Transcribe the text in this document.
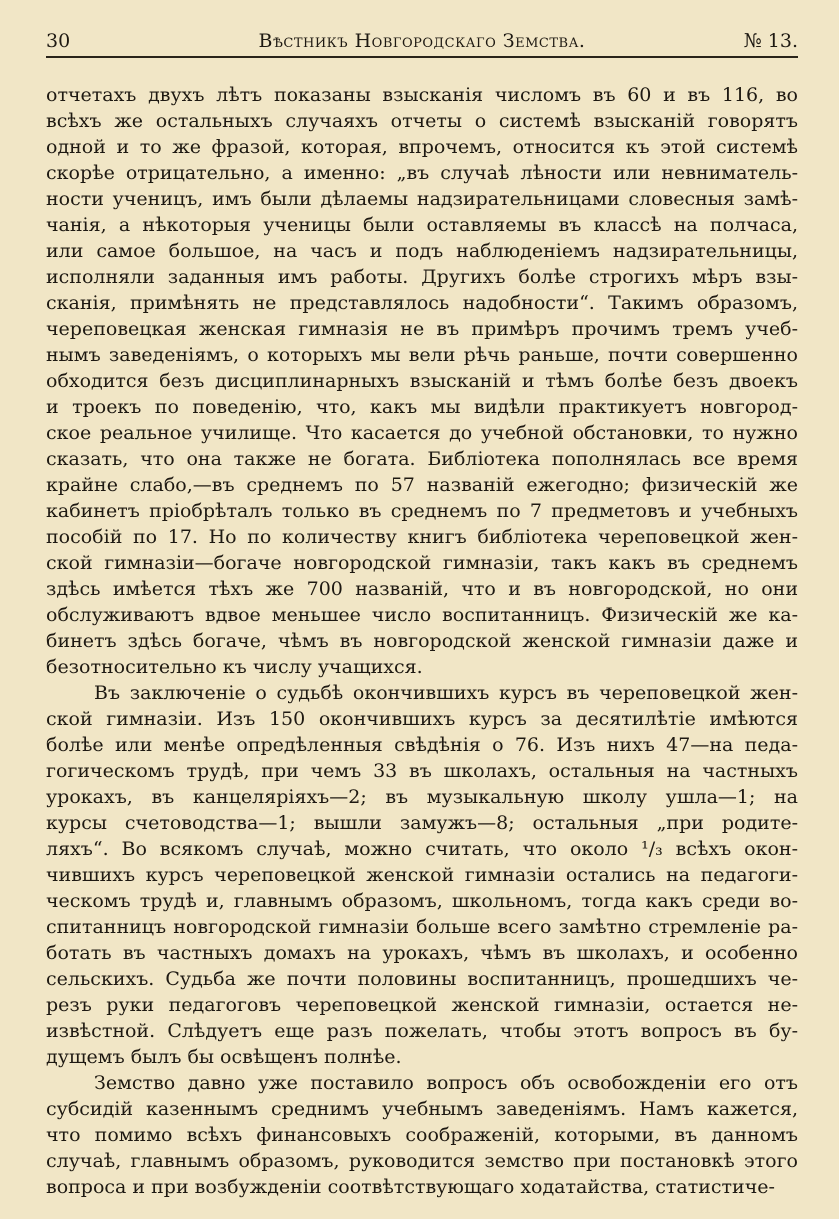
30	Вѣстникъ Новгородскаго Земства.	№ 13.
отчетахъ двухъ лѣтъ показаны взысканія числомъ въ 60 и въ 116, во
всѣхъ же остальныхъ случаяхъ отчеты о системѣ взысканій говорятъ
одной и то же фразой, которая, впрочемъ, относится къ этой системѣ
скорѣе отрицательно, а именно: „въ случаѣ лѣности или невниматель-
ности ученицъ, имъ были дѣлаемы надзирательницами словесныя замѣ-
чанія, а нѣкоторыя ученицы были оставляемы въ классѣ на полчаса,
или самое большое, на часъ и подъ наблюденіемъ надзирательницы,
исполняли заданныя имъ работы. Другихъ болѣе строгихъ мѣръ взы-
сканія, примѣнять не представлялось надобности“. Такимъ образомъ,
череповецкая женская гимназія не въ примѣръ прочимъ тремъ учеб-
нымъ заведеніямъ, о которыхъ мы вели рѣчь раньше, почти совершенно
обходится безъ дисциплинарныхъ взысканій и тѣмъ болѣе безъ двоекъ
и троекъ по поведенію, что, какъ мы видѣли практикуетъ новгород-
ское реальное училище. Что касается до учебной обстановки, то нужно
сказать, что она также не богата. Библіотека пополнялась все время
крайне слабо,—въ среднемъ по 57 названій ежегодно; физическій же
кабинетъ пріобрѣталъ только въ среднемъ по 7 предметовъ и учебныхъ
пособій по 17. Но по количеству книгъ библіотека череповецкой жен-
ской гимназіи—богаче новгородской гимназіи, такъ какъ въ среднемъ
здѣсь имѣется тѣхъ же 700 названій, что и въ новгородской, но они
обслуживаютъ вдвое меньшее число воспитанницъ. Физическій же ка-
бинетъ здѣсь богаче, чѣмъ въ новгородской женской гимназіи даже и
безотносительно къ числу учащихся.
Въ заключеніе о судьбѣ окончившихъ курсъ въ череповецкой жен-
ской гимназіи. Изъ 150 окончившихъ курсъ за десятилѣтіе имѣются
болѣе или менѣе опредѣленныя свѣдѣнія о 76. Изъ нихъ 47—на педа-
гогическомъ трудѣ, при чемъ 33 въ школахъ, остальныя на частныхъ
урокахъ, въ канцеляріяхъ—2; въ музыкальную школу ушла—1; на
курсы счетоводства—1; вышли замужъ—8; остальныя „при родите-
ляхъ“. Во всякомъ случаѣ, можно считать, что около ¹/₃ всѣхъ окон-
чившихъ курсъ череповецкой женской гимназіи остались на педагоги-
ческомъ трудѣ и, главнымъ образомъ, школьномъ, тогда какъ среди во-
спитанницъ новгородской гимназіи больше всего замѣтно стремленіе ра-
ботать въ частныхъ домахъ на урокахъ, чѣмъ въ школахъ, и особенно
сельскихъ. Судьба же почти половины воспитанницъ, прошедшихъ че-
резъ руки педагоговъ череповецкой женской гимназіи, остается не-
извѣстной. Слѣдуетъ еще разъ пожелать, чтобы этотъ вопросъ въ бу-
дущемъ былъ бы освѣщенъ полнѣе.
Земство давно уже поставило вопросъ объ освобожденіи его отъ
субсидій казеннымъ среднимъ учебнымъ заведеніямъ. Намъ кажется,
что помимо всѣхъ финансовыхъ соображеній, которыми, въ данномъ
случаѣ, главнымъ образомъ, руководится земство при постановкѣ этого
вопроса и при возбужденіи соотвѣтствующаго ходатайства, статистиче-
